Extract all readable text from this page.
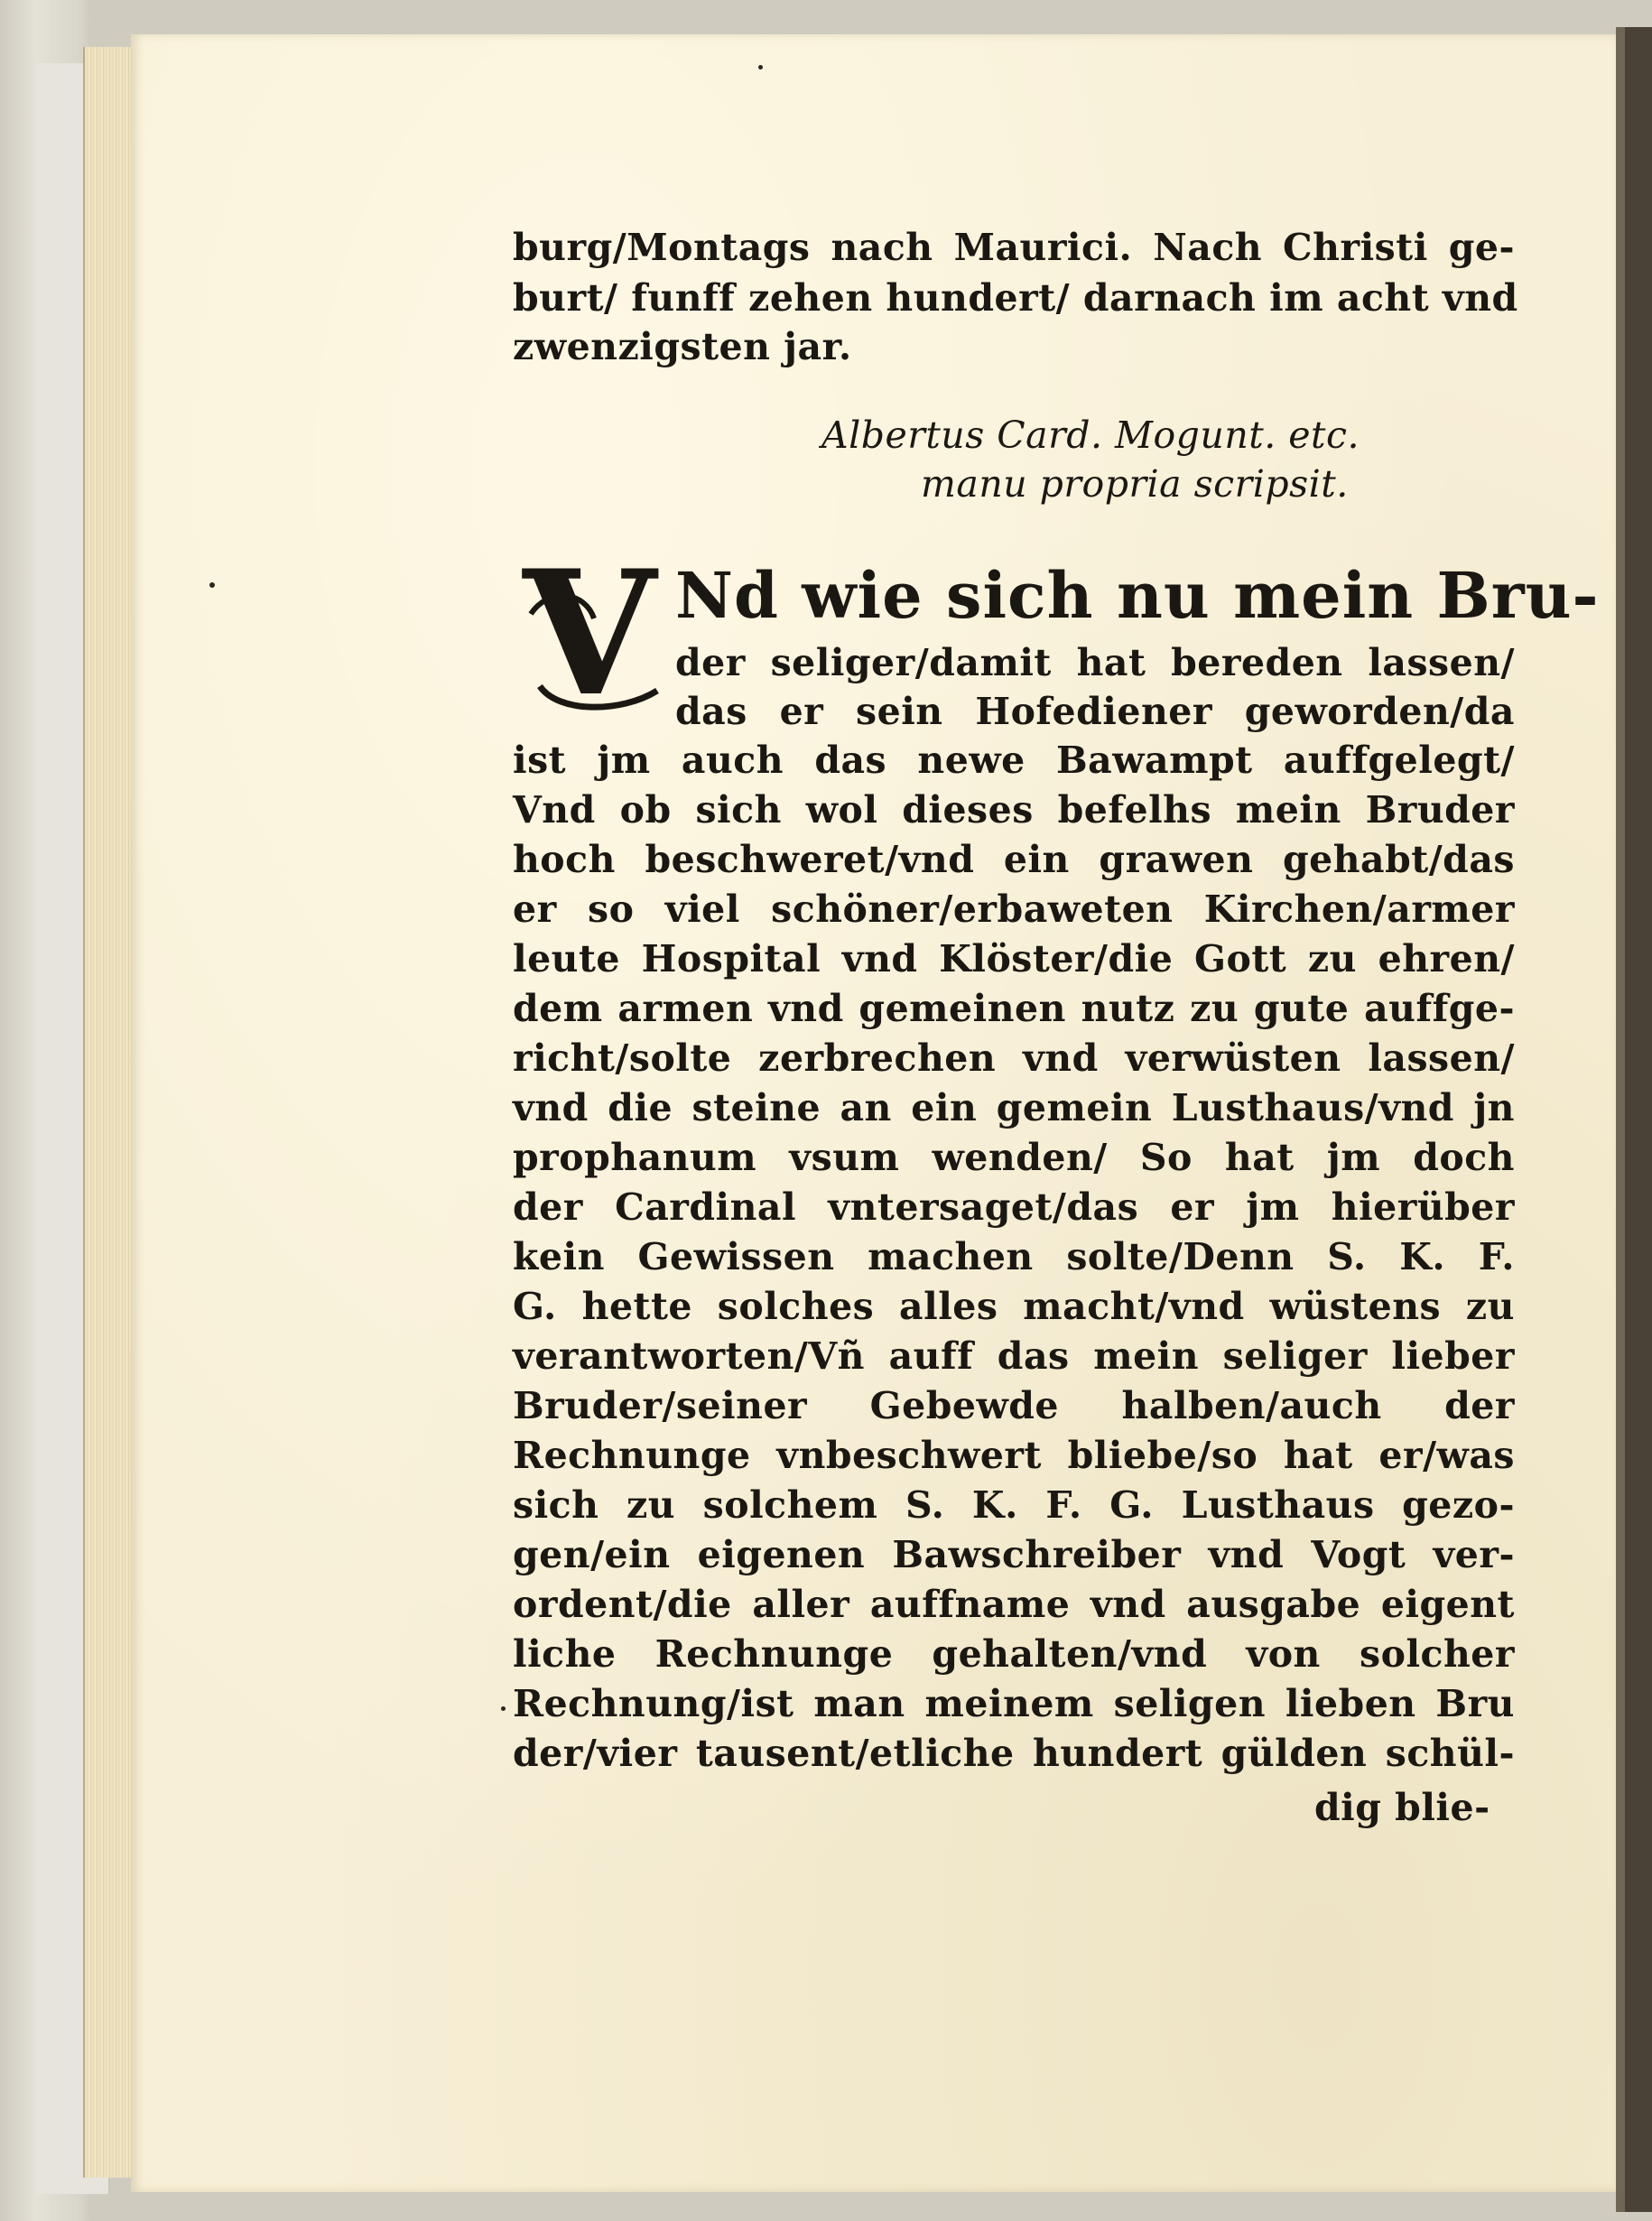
burg/Montags nach Maurici. Nach Christi ge-
burt/ funff zehen hundert/ darnach im acht vnd
zwenzigsten jar.
Albertus Card. Mogunt. etc.
manu propria scripsit.
Nd wie sich nu mein Bru-
der seliger/damit hat bereden lassen/
das er sein Hofediener geworden/da
ist jm auch das newe Bawampt auffgelegt/
Vnd ob sich wol dieses befelhs mein Bruder
hoch beschweret/vnd ein grawen gehabt/das
er so viel schöner/erbaweten Kirchen/armer
leute Hospital vnd Klöster/die Gott zu ehren/
dem armen vnd gemeinen nutz zu gute auffge-
richt/solte zerbrechen vnd verwüsten lassen/
vnd die steine an ein gemein Lusthaus/vnd jn
prophanum vsum wenden/ So hat jm doch
der Cardinal vntersaget/das er jm hierüber
kein Gewissen machen solte/Denn S. K. F.
G. hette solches alles macht/vnd wüstens zu
verantworten/Vñ auff das mein seliger lieber
Bruder/seiner Gebewde halben/auch der
Rechnunge vnbeschwert bliebe/so hat er/was
sich zu solchem S. K. F. G. Lusthaus gezo-
gen/ein eigenen Bawschreiber vnd Vogt ver-
ordent/die aller auffname vnd ausgabe eigent
liche Rechnunge gehalten/vnd von solcher
Rechnung/ist man meinem seligen lieben Bru
der/vier tausent/etliche hundert gülden schül-
dig blie-
V
